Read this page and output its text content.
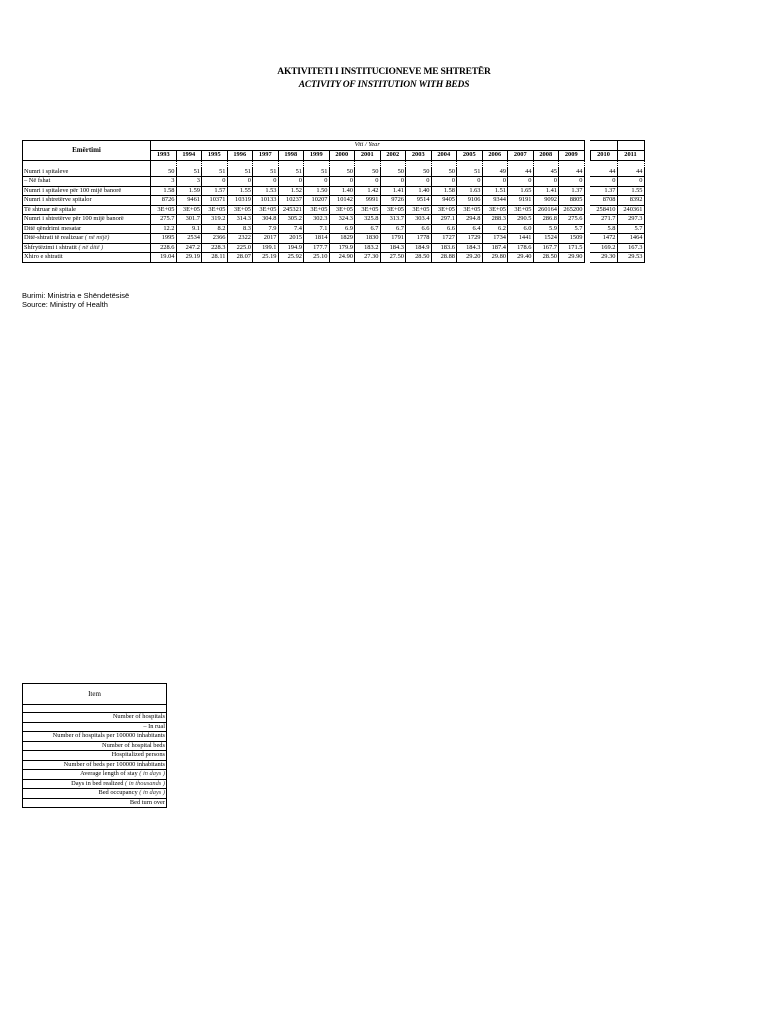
AKTIVITETI I INSTITUCIONEVE ME SHTRETËR
ACTIVITY OF INSTITUTION WITH BEDS
Emërtimi	Viti / Year																			
	1993	1994	1995	1996	1997	1998	1999	2000	2001	2002	2003	2004	2005	2006	2007	2008	2009		2010	2011

Numri i spitaleve	50	51	51	51	51	51	51	50	50	50	50	50	51	49	44	45	44		44	44
– Në fshat	3	3	0	0	0	0	0	0	0	0	0	0	0	0	0	0	0		0	0
Numri i spitaleve për 100 mijë banorë	1.58	1.59	1.57	1.55	1.53	1.52	1.50	1.40	1.42	1.41	1.40	1.58	1.63	1.51	1.65	1.41	1.37		1.37	1.55
Numri i shtretërve spitalor	8726	9461	10371	10319	10133	10237	10207	10142	9991	9726	9514	9405	9106	9344	9191	9092	8805		8708	8392
Të shtruar në spitale	3E+05	3E+05	3E+05	3E+05	3E+05	245321	3E+05	3E+05	3E+05	3E+05	3E+05	3E+05	3E+05	3E+05	3E+05	260164	265200		258410	240361
Numri i shtretërve për 100 mijë banorë	275.7	301.7	319.2	314.3	304.8	305.2	302.3	324.3	325.8	313.7	303.4	297.1	294.8	288.3	290.5	286.8	275.6		271.7	297.3
Ditë qëndrimi mesatar	12.2	9.1	8.2	8.3	7.9	7.4	7.1	6.9	6.7	6.7	6.6	6.6	6.4	6.2	6.0	5.9	5.7		5.8	5.7
Ditë-shtrati të realizuar ( në mijë)	1995	2534	2366	2322	2017	2015	1814	1829	1830	1791	1778	1727	1729	1734	1441	1524	1509		1472	1464
Shfrytëzimi i shtratit ( në ditë )	228.6	247.2	228.3	225.0	199.1	194.9	177.7	179.9	183.2	184.3	184.9	183.6	184.3	187.4	178.6	167.7	171.5		169.2	167.3
Xhiro e shtratit	19.04	29.19	28.11	28.07	25.19	25.92	25.10	24.90	27.30	27.50	28.50	28.88	29.20	29.80	29.40	28.50	29.90		29.30	29.53
Burimi: Ministria e Shëndetësisë
Source: Ministry of Health
Item

Number of hospitals
– In rual
Number of hospitals per 100000 inhabitants
Number of hospital beds
Hospitalized persons
Number of beds per 100000 inhabitants
Average length of stay ( in days )
Days in bed realized ( in thousands )
Bed occupancy ( in days )
Bed turn over
